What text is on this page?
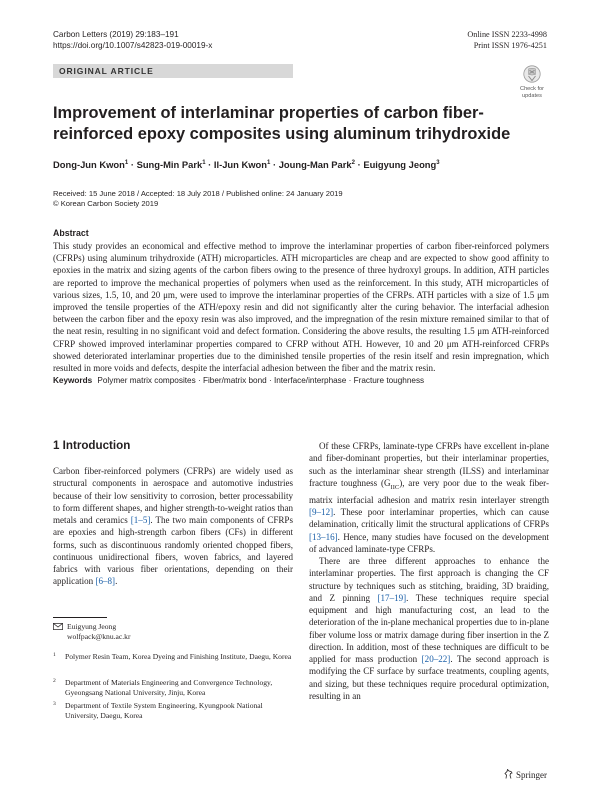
Carbon Letters (2019) 29:183–191
https://doi.org/10.1007/s42823-019-00019-x
Online ISSN 2233-4998
Print ISSN 1976-4251
ORIGINAL ARTICLE
Check for
updates
Improvement of interlaminar properties of carbon fiber-reinforced epoxy composites using aluminum trihydroxide
Dong-Jun Kwon$^1$ · Sung-Min Park$^1$ · Il-Jun Kwon$^1$ · Joung-Man Park$^2$ · Euigyung Jeong$^3$
Received: 15 June 2018 / Accepted: 18 July 2018 / Published online: 24 January 2019
© Korean Carbon Society 2019
Abstract

This study provides an economical and effective method to improve the interlaminar properties of carbon fiber-reinforced polymers (CFRPs) using aluminum trihydroxide (ATH) microparticles. ATH microparticles are cheap and are expected to show good affinity to epoxies in the matrix and sizing agents of the carbon fibers owing to the presence of three hydroxyl groups. In addition, ATH particles are reported to improve the mechanical properties of polymers when used as the reinforcement. In this study, ATH microparticles of various sizes, 1.5, 10, and 20 μm, were used to improve the interlaminar properties of the CFRPs. ATH particles with a size of 1.5 μm improved the tensile properties of the ATH/epoxy resin and did not significantly alter the curing behavior. The interfacial adhesion between the carbon fiber and the epoxy resin was also improved, and the impregnation of the resin mixture remained similar to that of the neat resin, resulting in no significant void and defect formation. Considering the above results, the resulting 1.5 μm ATH-reinforced CFRP showed improved interlaminar properties compared to CFRP without ATH. However, 10 and 20 μm ATH-reinforced CFRPs showed deteriorated interlaminar properties due to the diminished tensile properties of the resin itself and resin impregnation, which resulted in more voids and defects, despite the interfacial adhesion between the fiber and the matrix resin.

Keywords Polymer matrix composites · Fiber/matrix bond · Interface/interphase · Fracture toughness
1 Introduction

Carbon fiber-reinforced polymers (CFRPs) are widely used as structural components in aerospace and automotive industries because of their low sensitivity to corrosion, better processability to form different shapes, and higher strength-to-weight ratios than metals and ceramics [1–5]. The two main components of CFRPs are epoxies and high-strength carbon fibers (CFs) in different forms, such as discontinuous randomly oriented chopped fibers, continuous unidirectional fibers, woven fabrics, and layered fabrics with various fiber orientations, depending on their application [6–8].

Of these CFRPs, laminate-type CFRPs have excellent in-plane and fiber-dominant properties, but their interlaminar properties, such as the interlaminar shear strength (ILSS) and interlaminar fracture toughness $(G_{IIC})$, are very poor due to the weak fiber-matrix interfacial adhesion and matrix resin interlayer strength [9–12]. These poor interlaminar properties, which can cause delamination, critically limit the structural applications of CFRPs [13–16]. Hence, many studies have focused on the development of advanced laminate-type CFRPs.

There are three different approaches to enhance the interlaminar properties. The first approach is changing the CF structure by techniques such as stitching, braiding, 3D braiding, and Z pinning [17–19]. These techniques require special equipment and high manufacturing cost, an lead to the deterioration of the in-plane mechanical properties due to in-plane fiber volume loss or matrix damage during fiber insertion in the Z direction. In addition, most of these techniques are difficult to be applied for mass production [20–22]. The second approach is modifying the CF surface by surface treatments, coupling agents, and sizing, but these techniques require procedural optimization, resulting in an

Euigyung Jeong
wolfpack@knu.ac.kr
1	Polymer Resin Team, Korea Dyeing and Finishing Institute, Daegu, Korea
2	Department of Materials Engineering and Convergence Technology, Gyeongsang National University, Jinju, Korea
3	Department of Textile System Engineering, Kyungpook National University, Daegu, Korea
Springer
